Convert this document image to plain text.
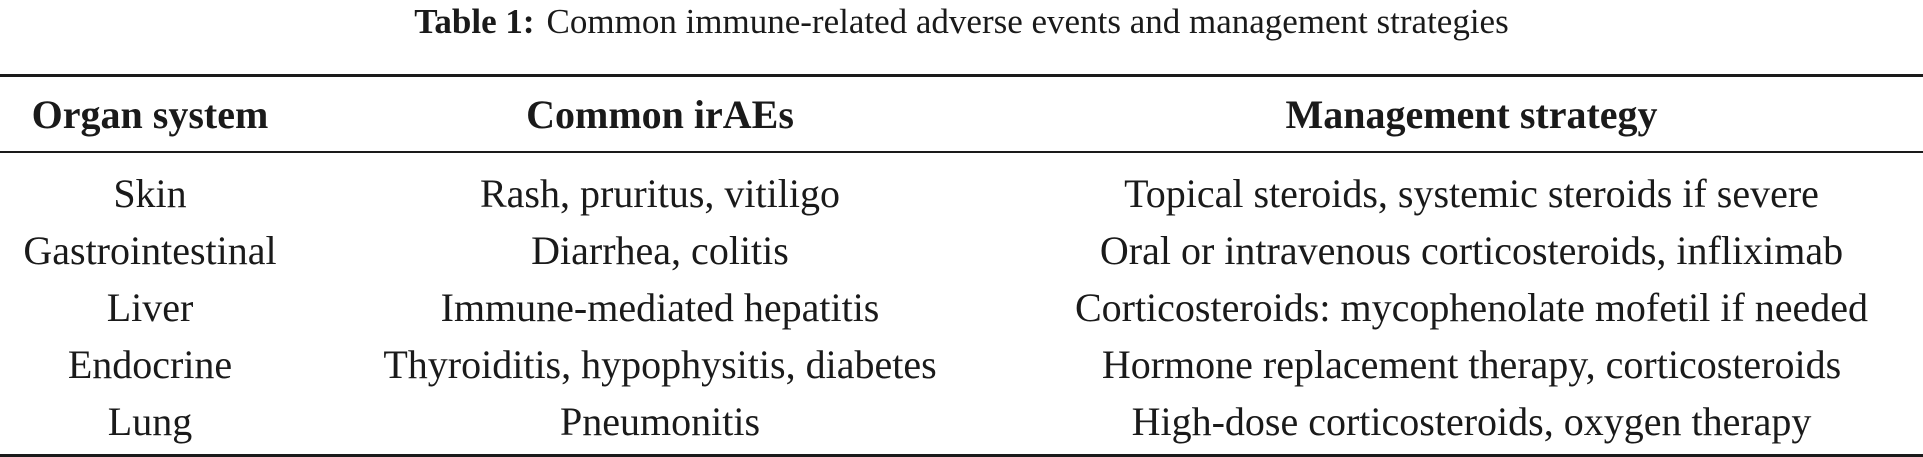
Table 1: Common immune-related adverse events and management strategies
Organ system	Common irAEs	Management strategy

Skin	Rash, pruritus, vitiligo	Topical steroids, systemic steroids if severe
Gastrointestinal	Diarrhea, colitis	Oral or intravenous corticosteroids, infliximab
Liver	Immune-mediated hepatitis	Corticosteroids: mycophenolate mofetil if needed
Endocrine	Thyroiditis, hypophysitis, diabetes	Hormone replacement therapy, corticosteroids
Lung	Pneumonitis	High-dose corticosteroids, oxygen therapy
